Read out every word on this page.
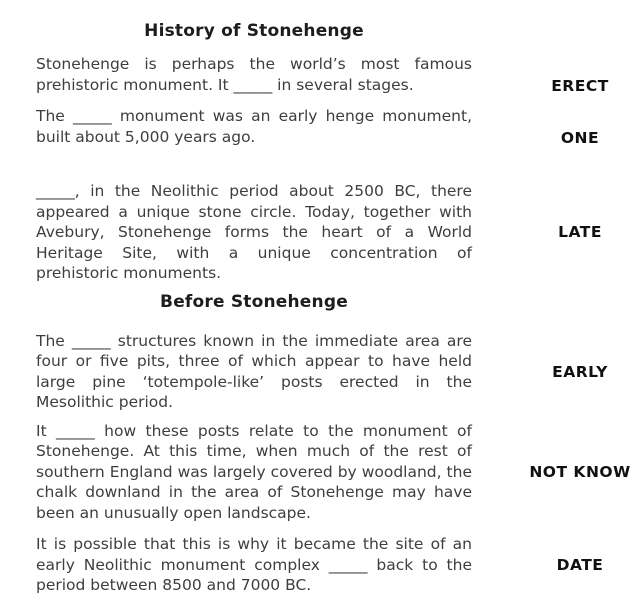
History of Stonehenge

Stonehenge is perhaps the world’s most famous prehistoric monument. It _____ in several stages.	ERECT

The _____ monument was an early henge monument, built about 5,000 years ago.	ONE

_____, in the Neolithic period about 2500 BC, there appeared a unique stone circle. Today, together with Avebury, Stonehenge forms the heart of a World Heritage Site, with a unique concentration of prehistoric monuments.

LATE
Before Stonehenge

The _____ structures known in the immediate area are four or five pits, three of which appear to have held large pine ‘totempole-like’ posts erected in the Mesolithic period.

EARLY

It _____ how these posts relate to the monument of Stonehenge. At this time, when much of the rest of southern England was largely covered by woodland, the chalk downland in the area of Stonehenge may have been an unusually open landscape.

NOT KNOW

It is possible that this is why it became the site of an early Neolithic monument complex _____ back to the period between 8500 and 7000 BC.

DATE
